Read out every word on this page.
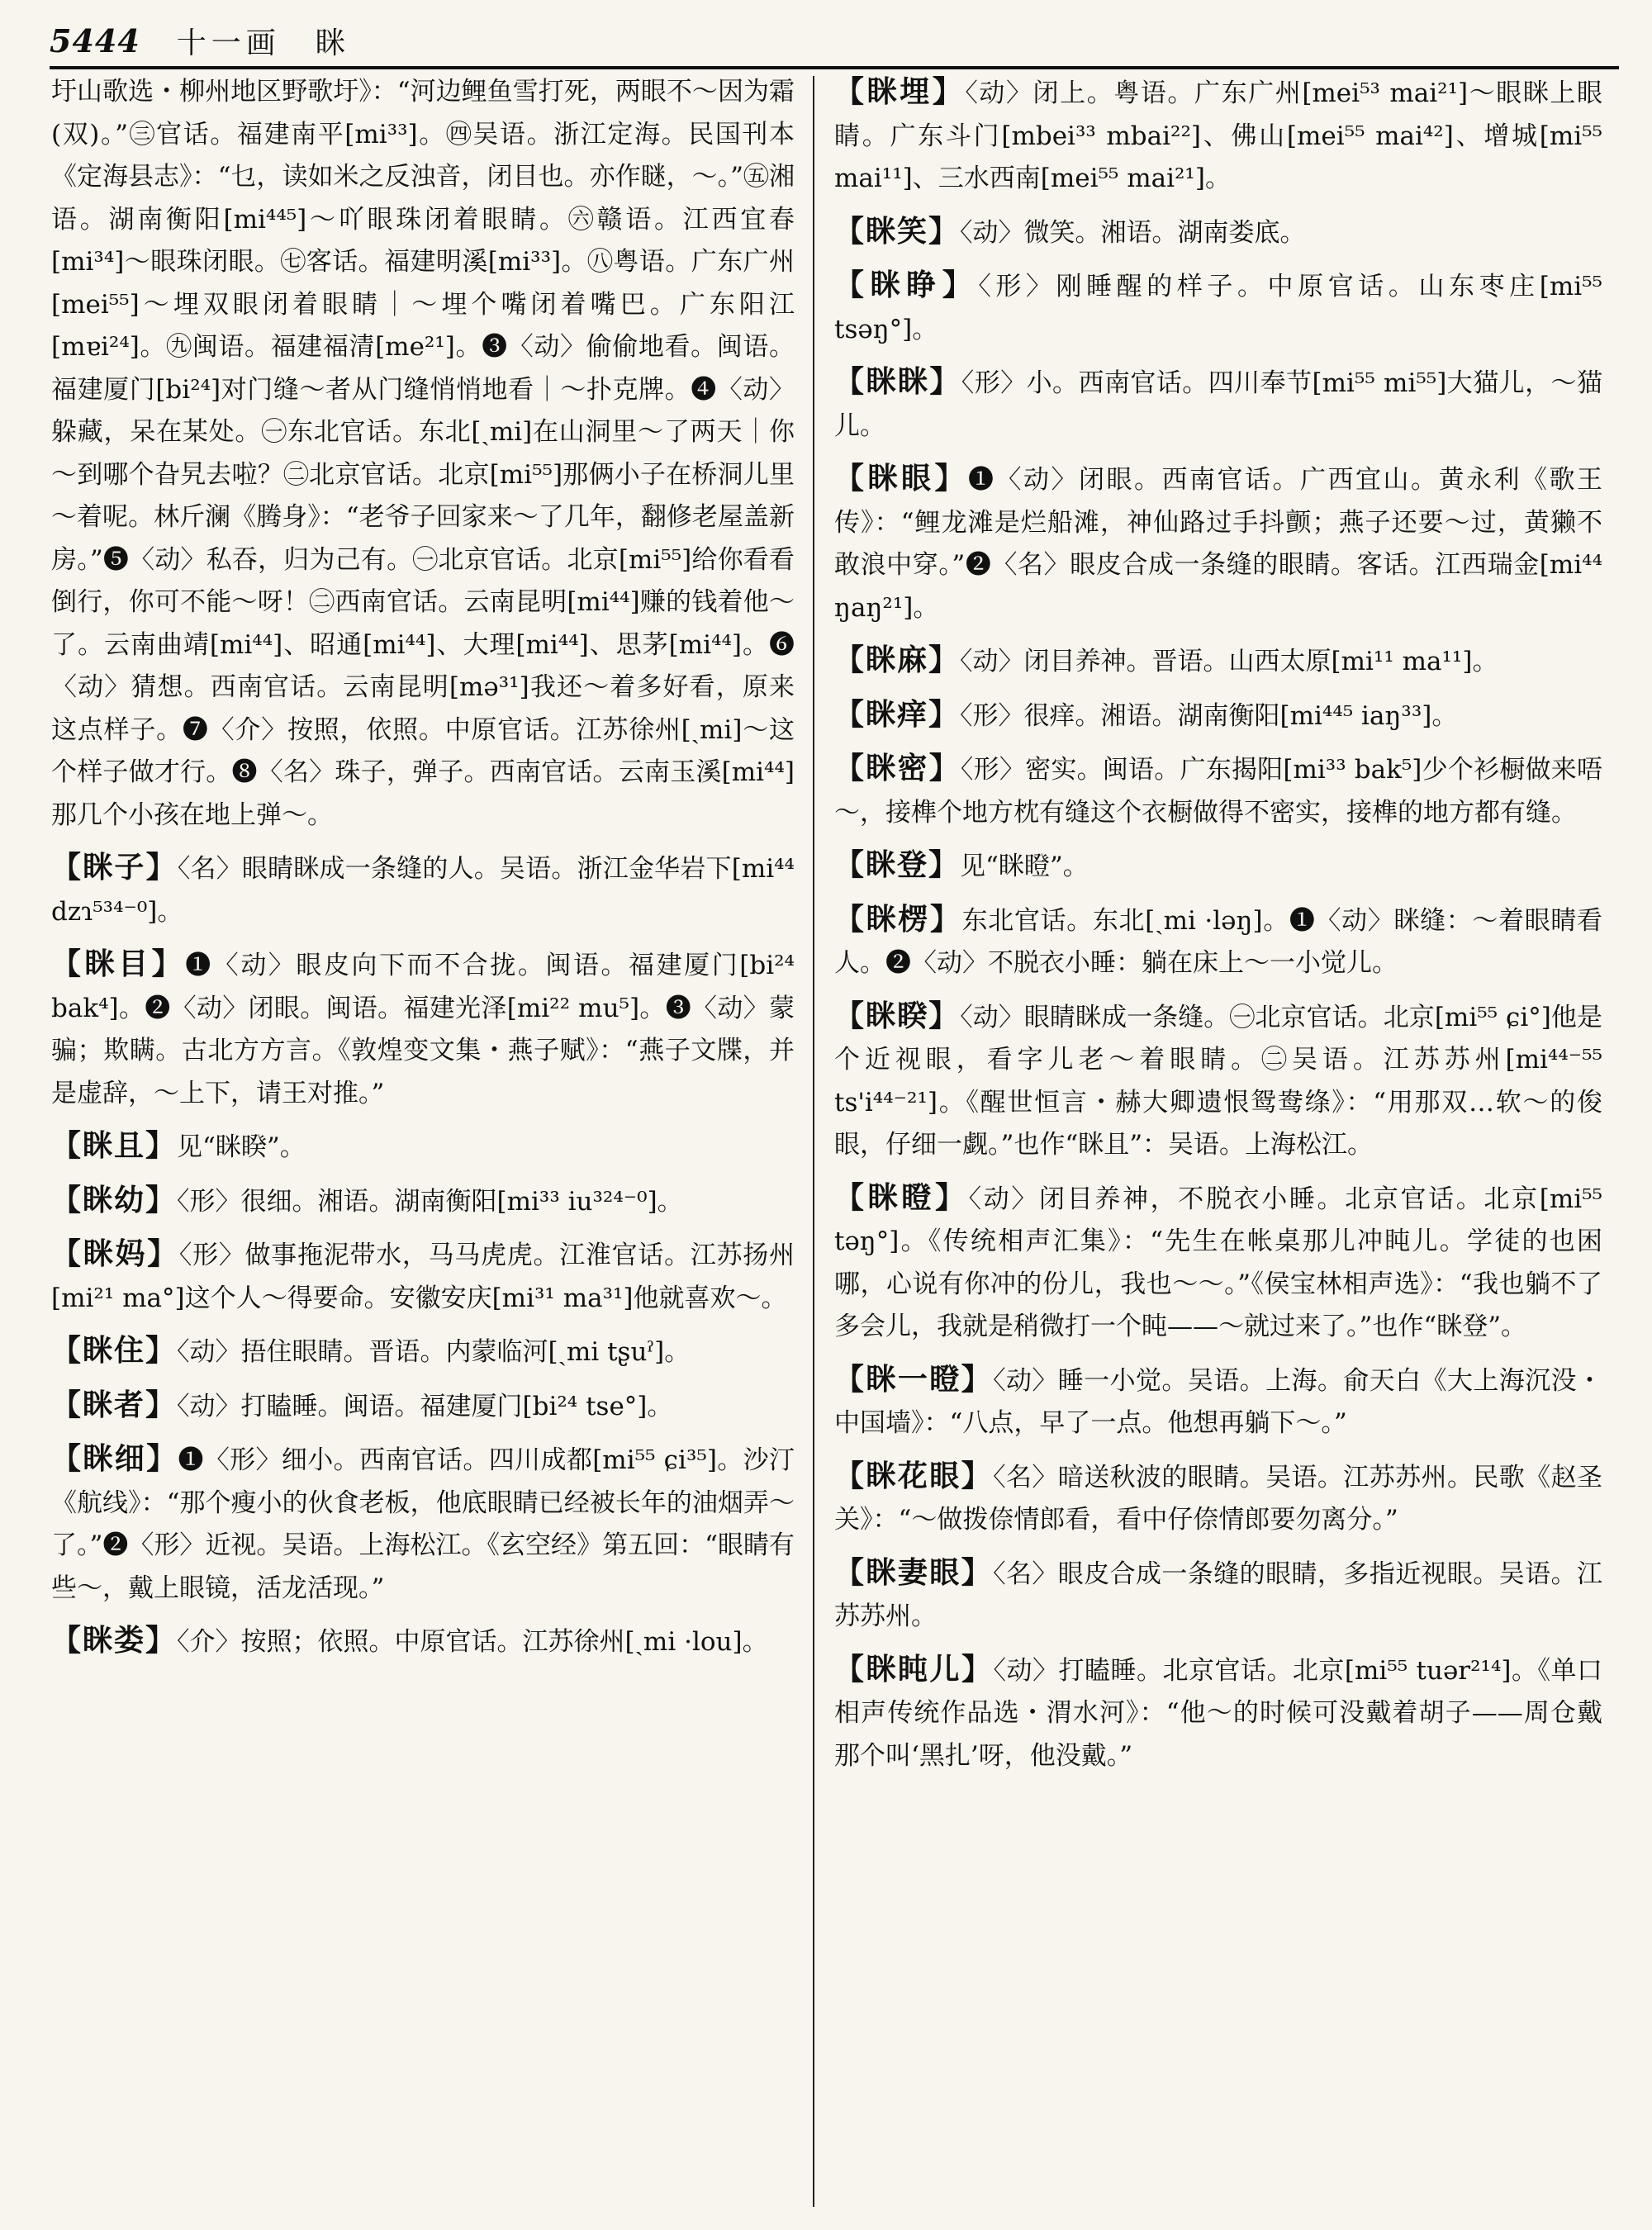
5444 十一画　眯
圩山歌选・柳州地区野歌圩》：“河边鲤鱼雪打死，两眼不～因为霜(双)。”㊂官话。福建南平[mi³³]。㊃吴语。浙江定海。民国刊本《定海县志》：“乜，读如米之反浊音，闭目也。亦作瞇，～。”㊄湘语。湖南衡阳[mi⁴⁴⁵]～吖眼珠闭着眼睛。㊅赣语。江西宜春[mi³⁴]～眼珠闭眼。㊆客话。福建明溪[mi³³]。㊇粤语。广东广州[mei⁵⁵]～埋双眼闭着眼睛｜～埋个嘴闭着嘴巴。广东阳江[mɐi²⁴]。㊈闽语。福建福清[me²¹]。❸〈动〉偷偷地看。闽语。福建厦门[bi²⁴]对门缝～者从门缝悄悄地看｜～扑克牌。❹〈动〉躲藏，呆在某处。㊀东北官话。东北[ˏmi]在山洞里～了两天｜你～到哪个旮旯去啦？㊁北京官话。北京[mi⁵⁵]那俩小子在桥洞儿里～着呢。林斤澜《腾身》：“老爷子回家来～了几年，翻修老屋盖新房。”❺〈动〉私吞，归为己有。㊀北京官话。北京[mi⁵⁵]给你看看倒行，你可不能～呀！㊁西南官话。云南昆明[mi⁴⁴]赚的钱着他～了。云南曲靖[mi⁴⁴]、昭通[mi⁴⁴]、大理[mi⁴⁴]、思茅[mi⁴⁴]。❻〈动〉猜想。西南官话。云南昆明[mə³¹]我还～着多好看，原来这点样子。❼〈介〉按照，依照。中原官话。江苏徐州[ˏmi]～这个样子做才行。❽〈名〉珠子，弹子。西南官话。云南玉溪[mi⁴⁴]那几个小孩在地上弹～。
【眯子】〈名〉眼睛眯成一条缝的人。吴语。浙江金华岩下[mi⁴⁴ dzɿ⁵³⁴⁻⁰]。
【眯目】❶〈动〉眼皮向下而不合拢。闽语。福建厦门[bi²⁴ bak⁴]。❷〈动〉闭眼。闽语。福建光泽[mi²² mu⁵]。❸〈动〉蒙骗；欺瞒。古北方方言。《敦煌变文集・燕子赋》：“燕子文牒，并是虚辞，～上下，请王对推。”
【眯且】见“眯睽”。
【眯幼】〈形〉很细。湘语。湖南衡阳[mi³³ iu³²⁴⁻⁰]。
【眯妈】〈形〉做事拖泥带水，马马虎虎。江淮官话。江苏扬州[mi²¹ ma°]这个人～得要命。安徽安庆[mi³¹ ma³¹]他就喜欢～。
【眯住】〈动〉捂住眼睛。晋语。内蒙临河[ˏmi tʂuˀ]。
【眯者】〈动〉打瞌睡。闽语。福建厦门[bi²⁴ tse°]。
【眯细】❶〈形〉细小。西南官话。四川成都[mi⁵⁵ ɕi³⁵]。沙汀《航线》：“那个瘦小的伙食老板，他底眼睛已经被长年的油烟弄～了。”❷〈形〉近视。吴语。上海松江。《玄空经》第五回：“眼睛有些～，戴上眼镜，活龙活现。”
【眯娄】〈介〉按照；依照。中原官话。江苏徐州[ˏmi ·lou]。
【眯埋】〈动〉闭上。粤语。广东广州[mei⁵³ mai²¹]～眼眯上眼睛。广东斗门[mbei³³ mbai²²]、佛山[mei⁵⁵ mai⁴²]、增城[mi⁵⁵ mai¹¹]、三水西南[mei⁵⁵ mai²¹]。
【眯笑】〈动〉微笑。湘语。湖南娄底。
【眯睁】〈形〉刚睡醒的样子。中原官话。山东枣庄[mi⁵⁵ tsəŋ°]。
【眯眯】〈形〉小。西南官话。四川奉节[mi⁵⁵ mi⁵⁵]大猫儿，～猫儿。
【眯眼】❶〈动〉闭眼。西南官话。广西宜山。黄永利《歌王传》：“鲤龙滩是烂船滩，神仙路过手抖颤；燕子还要～过，黄獭不敢浪中穿。”❷〈名〉眼皮合成一条缝的眼睛。客话。江西瑞金[mi⁴⁴ ŋaŋ²¹]。
【眯麻】〈动〉闭目养神。晋语。山西太原[mi¹¹ ma¹¹]。
【眯痒】〈形〉很痒。湘语。湖南衡阳[mi⁴⁴⁵ iaŋ³³]。
【眯密】〈形〉密实。闽语。广东揭阳[mi³³ bak⁵]少个衫橱做来唔～，接榫个地方枕有缝这个衣橱做得不密实，接榫的地方都有缝。
【眯登】见“眯瞪”。
【眯楞】东北官话。东北[ˏmi ·ləŋ]。❶〈动〉眯缝：～着眼睛看人。❷〈动〉不脱衣小睡：躺在床上～一小觉儿。
【眯睽】〈动〉眼睛眯成一条缝。㊀北京官话。北京[mi⁵⁵ ɕi°]他是个近视眼，看字儿老～着眼睛。㊁吴语。江苏苏州[mi⁴⁴⁻⁵⁵ ts'i⁴⁴⁻²¹]。《醒世恒言・赫大卿遗恨鸳鸯绦》：“用那双…软～的俊眼，仔细一觑。”也作“眯且”：吴语。上海松江。
【眯瞪】〈动〉闭目养神，不脱衣小睡。北京官话。北京[mi⁵⁵ təŋ°]。《传统相声汇集》：“先生在帐桌那儿冲盹儿。学徒的也困哪，心说有你冲的份儿，我也～～。”《侯宝林相声选》：“我也躺不了多会儿，我就是稍微打一个盹——～就过来了。”也作“眯登”。
【眯一瞪】〈动〉睡一小觉。吴语。上海。俞天白《大上海沉没・中国墙》：“八点，早了一点。他想再躺下～。”
【眯花眼】〈名〉暗送秋波的眼睛。吴语。江苏苏州。民歌《赵圣关》：“～做拨倷情郎看，看中仔倷情郎要勿离分。”
【眯妻眼】〈名〉眼皮合成一条缝的眼睛，多指近视眼。吴语。江苏苏州。
【眯盹儿】〈动〉打瞌睡。北京官话。北京[mi⁵⁵ tuər²¹⁴]。《单口相声传统作品选・渭水河》：“他～的时候可没戴着胡子——周仓戴那个叫‘黑扎’呀，他没戴。”
